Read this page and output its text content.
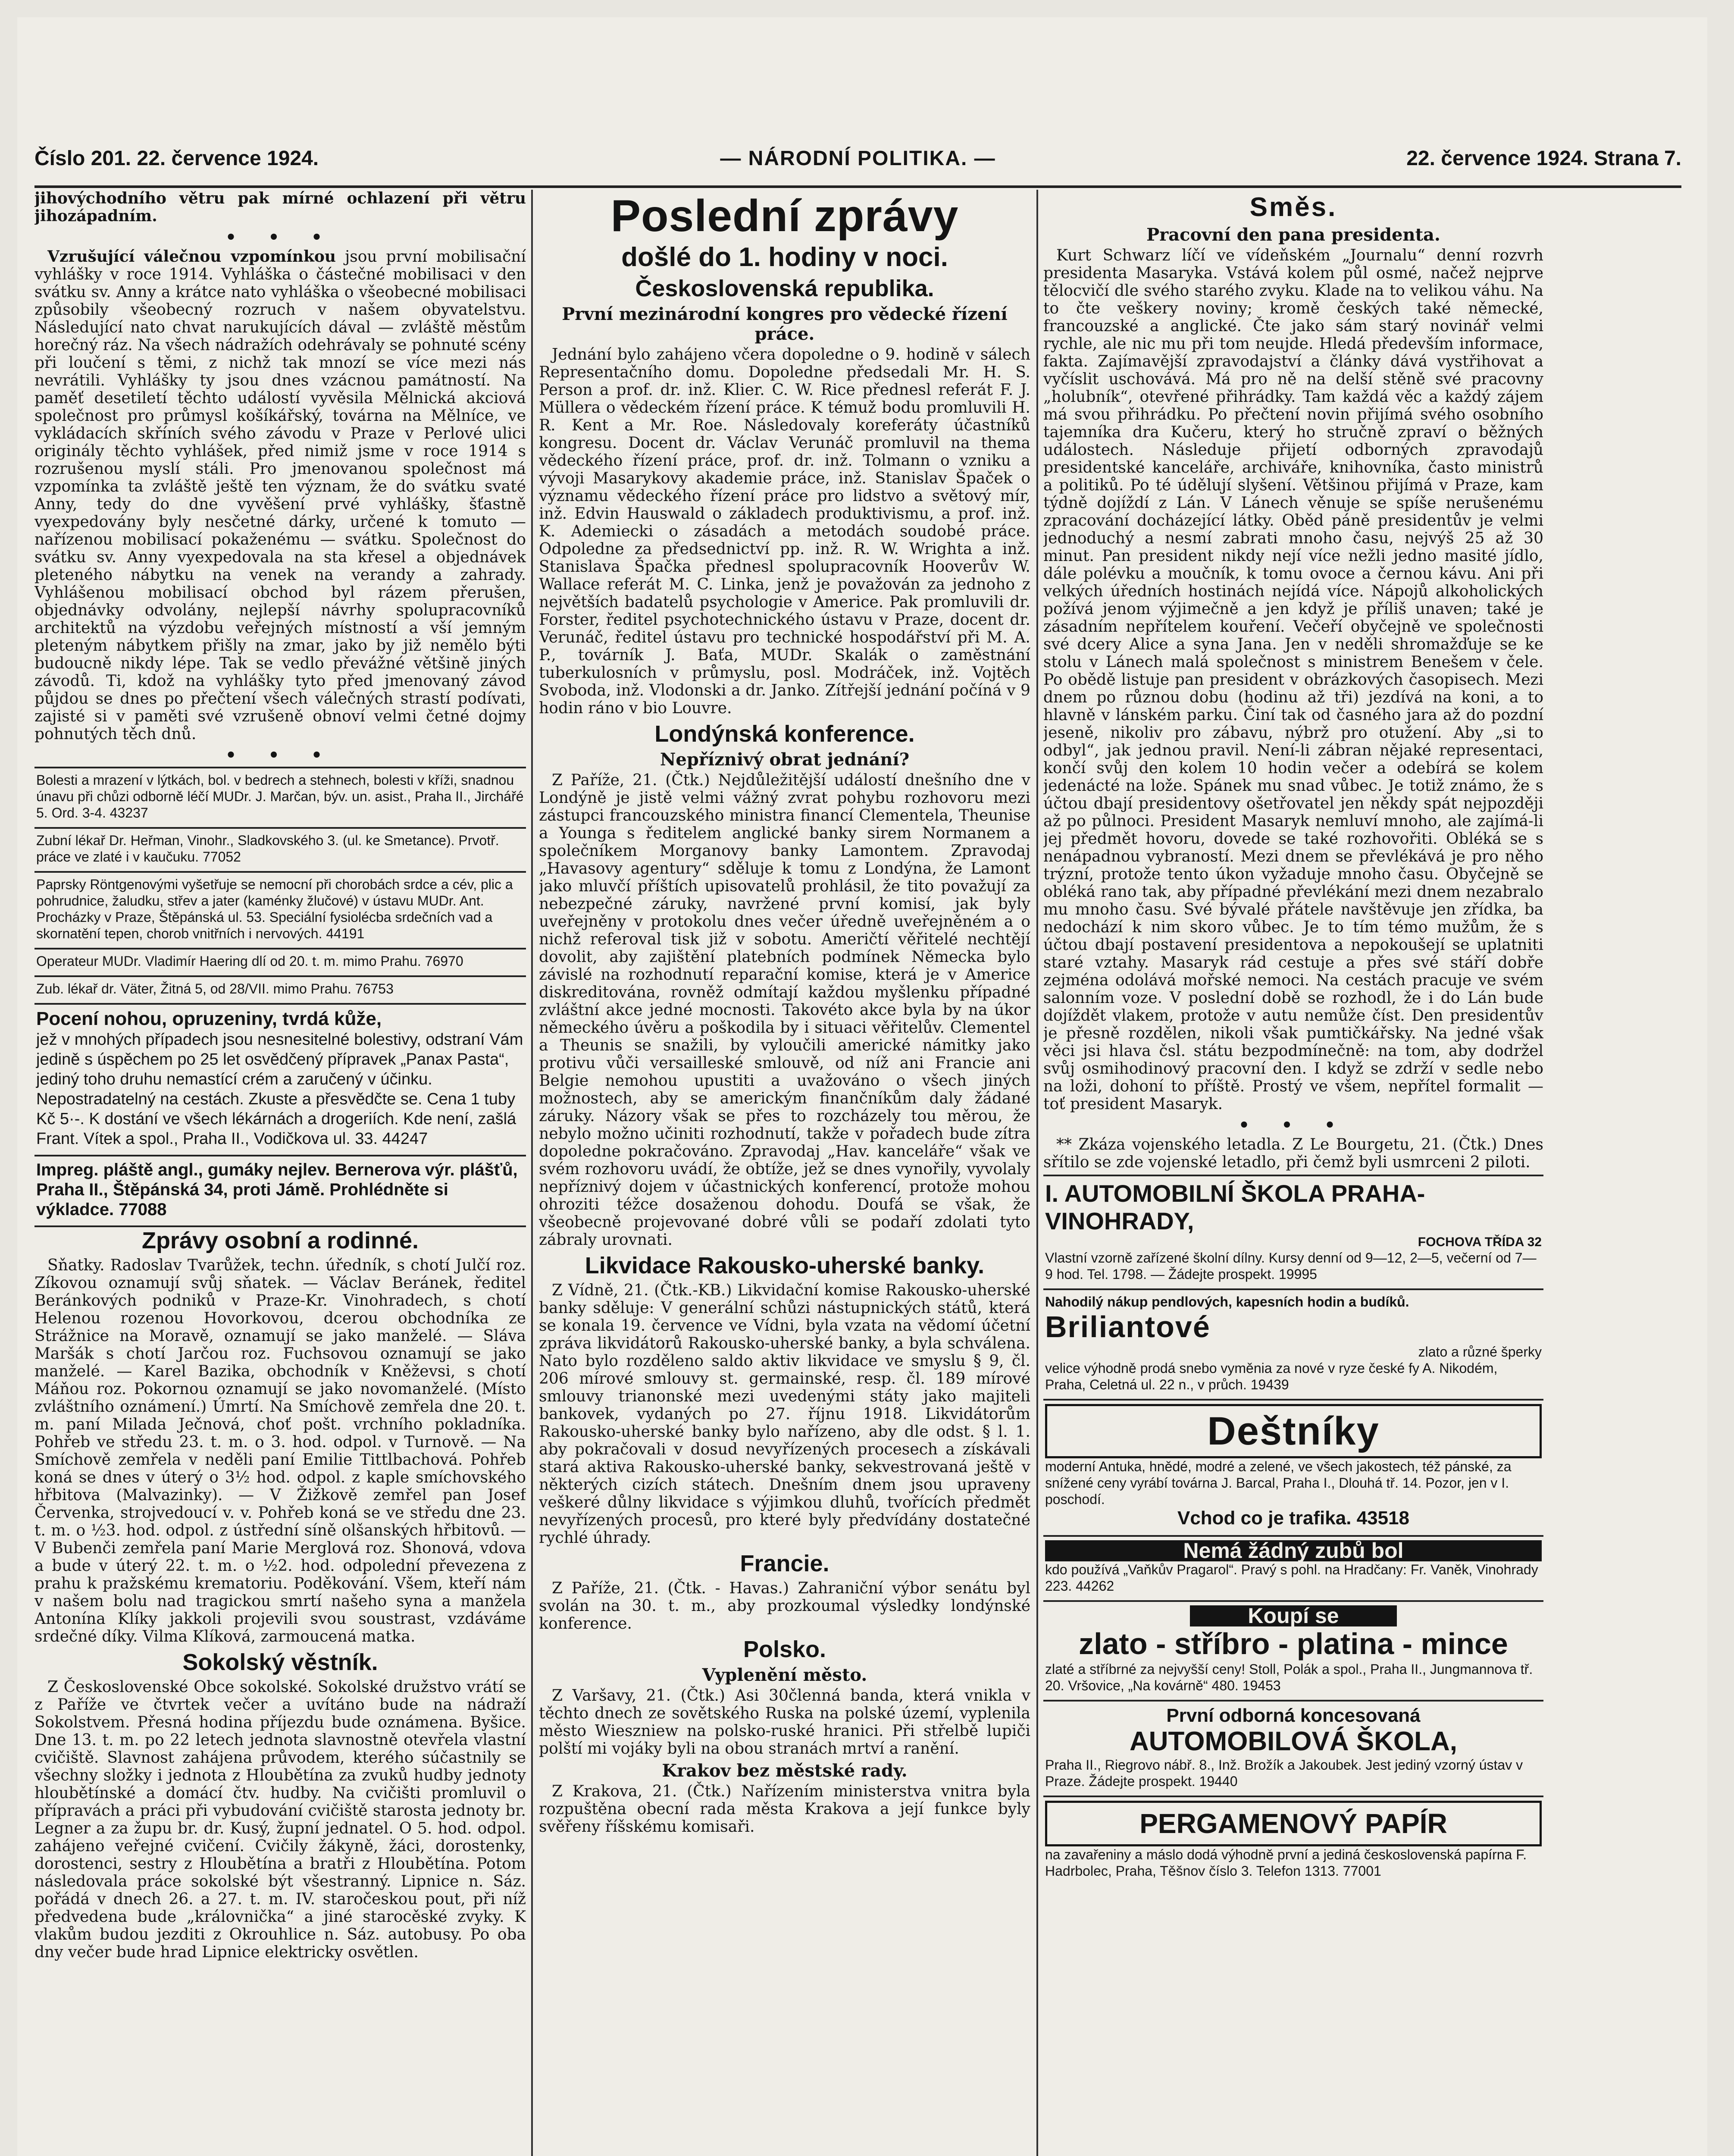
Číslo 201. 22. července 1924.	— NÁRODNÍ POLITIKA. —	22. července 1924. Strana 7.

jihovýchodního větru pak mírné ochlazení při větru jihozápadním.

• • •

Vzrušující válečnou vzpomínkou jsou první mobilisační vyhlášky v roce 1914. Vyhláška o částečné mobilisaci v den svátku sv. Anny a krátce nato vyhláška o všeobecné mobilisaci způsobily všeobecný rozruch v našem obyvatelstvu. Následující nato chvat narukujících dával — zvláště městům horečný ráz. Na všech nádražích odehrávaly se pohnuté scény při loučení s těmi, z nichž tak mnozí se více mezi nás nevrátili. Vyhlášky ty jsou dnes vzácnou památností. Na paměť desetiletí těchto událostí vyvěsila Mělnická akciová společnost pro průmysl košíkářský, továrna na Mělníce, ve vykládacích skříních svého závodu v Praze v Perlové ulici originály těchto vyhlášek, před nimiž jsme v roce 1914 s rozrušenou myslí stáli. Pro jmenovanou společnost má vzpomínka ta zvláště ještě ten význam, že do svátku svaté Anny, tedy do dne vyvěšení prvé vyhlášky, šťastně vyexpedovány byly nesčetné dárky, určené k tomuto — nařízenou mobilisací pokaženému — svátku. Společnost do svátku sv. Anny vyexpedovala na sta křesel a objednávek pleteného nábytku na venek na verandy a zahrady. Vyhlášenou mobilisací obchod byl rázem přerušen, objednávky odvolány, nejlepší návrhy spolupracovníků architektů na výzdobu veřejných místností a vší jemným pleteným nábytkem přišly na zmar, jako by již nemělo býti budoucně nikdy lépe. Tak se vedlo převážné většině jiných závodů. Ti, kdož na vyhlášky tyto před jmenovaný závod půjdou se dnes po přečtení všech válečných strastí podívati, zajisté si v paměti své vzrušeně obnoví velmi četné dojmy pohnutých těch dnů.

• • •
Bolesti a mrazení v lýtkách, bol. v bedrech a stehnech, bolesti v kříži, snadnou únavu při chůzi odborně léčí MUDr. J. Marčan, býv. un. asist., Praha II., Jirchářé 5. Ord. 3-4. 43237
Zubní lékař Dr. Heřman, Vinohr., Sladkovského 3. (ul. ke Smetance). Prvotř. práce ve zlaté i v kaučuku. 77052
Paprsky Röntgenovými vyšetřuje se nemocní při chorobách srdce a cév, plic a pohrudnice, žaludku, střev a jater (kaménky žlučové) v ústavu MUDr. Ant. Procházky v Praze, Štěpánská ul. 53. Speciální fysiolécba srdečních vad a skornatění tepen, chorob vnitřních i nervových. 44191
Operateur MUDr. Vladimír Haering dlí od 20. t. m. mimo Prahu. 76970
Zub. lékař dr. Väter, Žitná 5, od 28/VII. mimo Prahu. 76753
Pocení nohou, opruzeniny, tvrdá kůže,
jež v mnohých případech jsou nesnesitelné bolestivy, odstraní Vám jedině s úspěchem po 25 let osvědčený přípravek „Panax Pasta“, jediný toho druhu nemastící crém a zaručený v účinku. Nepostradatelný na cestách. Zkuste a přesvědčte se. Cena 1 tuby Kč 5·-. K dostání ve všech lékárnách a drogeriích. Kde není, zašlá Frant. Vítek a spol., Praha II., Vodičkova ul. 33. 44247
Impreg. pláště angl., gumáky nejlev. Bernerova výr. plášťů, Praha II., Štěpánská 34, proti Jámě. Prohlédněte si výkladce. 77088
Zprávy osobní a rodinné.

Sňatky. Radoslav Tvarůžek, techn. úředník, s chotí Julčí roz. Zíkovou oznamují svůj sňatek. — Václav Beránek, ředitel Beránkových podniků v Praze-Kr. Vinohradech, s chotí Helenou rozenou Hovorkovou, dcerou obchodníka ze Strážnice na Moravě, oznamují se jako manželé. — Sláva Maršák s chotí Jarčou roz. Fuchsovou oznamují se jako manželé. — Karel Bazika, obchodník v Kněževsi, s chotí Máňou roz. Pokornou oznamují se jako novomanželé. (Místo zvláštního oznámení.) Úmrtí. Na Smíchově zemřela dne 20. t. m. paní Milada Ječnová, choť pošt. vrchního pokladníka. Pohřeb ve středu 23. t. m. o 3. hod. odpol. v Turnově. — Na Smíchově zemřela v neděli paní Emilie Tittlbachová. Pohřeb koná se dnes v úterý o 3½ hod. odpol. z kaple smíchovského hřbitova (Malvazinky). — V Žižkově zemřel pan Josef Červenka, strojvedoucí v. v. Pohřeb koná se ve středu dne 23. t. m. o ½3. hod. odpol. z ústřední síně olšanských hřbitovů. — V Bubenči zemřela paní Marie Merglová roz. Shonová, vdova a bude v úterý 22. t. m. o ½2. hod. odpolední převezena z prahu k pražskému krematoriu. Poděkování. Všem, kteří nám v našem bolu nad tragickou smrtí našeho syna a manžela Antonína Klíky jakkoli projevili svou soustrast, vzdáváme srdečné díky. Vilma Klíková, zarmoucená matka.

Sokolský věstník.

Z Československé Obce sokolské. Sokolské družstvo vrátí se z Paříže ve čtvrtek večer a uvítáno bude na nádraží Sokolstvem. Přesná hodina příjezdu bude oznámena. Byšice. Dne 13. t. m. po 22 letech jednota slavnostně otevřela vlastní cvičiště. Slavnost zahájena průvodem, kterého súčastnily se všechny složky i jednota z Hloubětína za zvuků hudby jednoty hloubětínské a domácí čtv. hudby. Na cvičišti promluvil o přípravách a práci při vybudování cvičiště starosta jednoty br. Legner a za župu br. dr. Kusý, župní jednatel. O 5. hod. odpol. zahájeno veřejné cvičení. Cvičily žákyně, žáci, dorostenky, dorostenci, sestry z Hloubětína a bratři z Hloubětína. Potom následovala práce sokolské být všestranný. Lipnice n. Sáz. pořádá v dnech 26. a 27. t. m. IV. staročeskou pout, při níž předvedena bude „královnička“ a jiné starocěské zvyky. K vlakům budou jezditi z Okrouhlice n. Sáz. autobusy. Po oba dny večer bude hrad Lipnice elektricky osvětlen.

Poslední zprávy
došlé do 1. hodiny v noci.
Československá republika.
První mezinárodní kongres pro vědecké řízení práce.

Jednání bylo zahájeno včera dopoledne o 9. hodině v sálech Representačního domu. Dopoledne předsedali Mr. H. S. Person a prof. dr. inž. Klier. C. W. Rice přednesl referát F. J. Müllera o vědeckém řízení práce. K témuž bodu promluvili H. R. Kent a Mr. Roe. Následovaly koreferáty účastníků kongresu. Docent dr. Václav Verunáč promluvil na thema vědeckého řízení práce, prof. dr. inž. Tolmann o vzniku a vývoji Masarykovy akademie práce, inž. Stanislav Špaček o významu vědeckého řízení práce pro lidstvo a světový mír, inž. Edvin Hauswald o základech produktivismu, a prof. inž. K. Ademiecki o zásadách a metodách soudobé práce. Odpoledne za předsednictví pp. inž. R. W. Wrighta a inž. Stanislava Špačka přednesl spolupracovník Hooverův W. Wallace referát M. C. Linka, jenž je považován za jednoho z největších badatelů psychologie v Americe. Pak promluvili dr. Forster, ředitel psychotechnického ústavu v Praze, docent dr. Verunáč, ředitel ústavu pro technické hospodářství při M. A. P., továrník J. Baťa, MUDr. Skalák o zaměstnání tuberkulosních v průmyslu, posl. Modráček, inž. Vojtěch Svoboda, inž. Vlodonski a dr. Janko. Zítřejší jednání počíná v 9 hodin ráno v bio Louvre.

Londýnská konference.
Nepříznivý obrat jednání?

Z Paříže, 21. (Čtk.) Nejdůležitější událostí dnešního dne v Londýně je jistě velmi vážný zvrat pohybu rozhovoru mezi zástupci francouzského ministra financí Clementela, Theunise a Younga s ředitelem anglické banky sirem Normanem a společníkem Morganovy banky Lamontem. Zpravodaj „Havasovy agentury“ sděluje k tomu z Londýna, že Lamont jako mluvčí příštích upisovatelů prohlásil, že tito považují za nebezpečné záruky, navržené první komisí, jak byly uveřejněny v protokolu dnes večer úředně uveřejněném a o nichž referoval tisk již v sobotu. Američtí věřitelé nechtějí dovolit, aby zajištění platebních podmínek Německa bylo závislé na rozhodnutí reparační komise, která je v Americe diskreditována, rovněž odmítají každou myšlenku případné zvláštní akce jedné mocnosti. Takovéto akce byla by na úkor německého úvěru a poškodila by i situaci věřitelův. Clementel a Theunis se snažili, by vyloučili americké námitky jako protivu vůči versailleské smlouvě, od níž ani Francie ani Belgie nemohou upustiti a uvažováno o všech jiných možnostech, aby se americkým finančníkům daly žádané záruky. Názory však se přes to rozcházely tou měrou, že nebylo možno učiniti rozhodnutí, takže v pořadech bude zítra dopoledne pokračováno. Zpravodaj „Hav. kanceláře“ však ve svém rozhovoru uvádí, že obtíže, jež se dnes vynořily, vyvolaly nepříznivý dojem v účastnických konferencí, protože mohou ohroziti téžce dosaženou dohodu. Doufá se však, že všeobecně projevované dobré vůli se podaří zdolati tyto zábraly urovnati.

Likvidace Rakousko-uherské banky.

Z Vídně, 21. (Čtk.-KB.) Likvidační komise Rakousko-uherské banky sděluje: V generální schůzi nástupnických států, která se konala 19. července ve Vídni, byla vzata na vědomí účetní zpráva likvidátorů Rakousko-uherské banky, a byla schválena. Nato bylo rozděleno saldo aktiv likvidace ve smyslu § 9, čl. 206 mírové smlouvy st. germainské, resp. čl. 189 mírové smlouvy trianonské mezi uvedenými státy jako majiteli bankovek, vydaných po 27. říjnu 1918. Likvidátorům Rakousko-uherské banky bylo nařízeno, aby dle odst. § l. 1. aby pokračovali v dosud nevyřízených procesech a získávali stará aktiva Rakousko-uherské banky, sekvestrovaná ještě v některých cizích státech. Dnešním dnem jsou upraveny veškeré důlny likvidace s výjimkou dluhů, tvořících předmět nevyřízených procesů, pro které byly předvídány dostatečné rychlé úhrady.

Francie.

Z Paříže, 21. (Čtk. - Havas.) Zahraniční výbor senátu byl svolán na 30. t. m., aby prozkoumal výsledky londýnské konference.

Polsko.
Vyplenění město.

Z Varšavy, 21. (Čtk.) Asi 30členná banda, která vnikla v těchto dnech ze sovětského Ruska na polské území, vyplenila město Wieszniew na polsko-ruské hranici. Při střelbě lupiči polští mi vojáky byli na obou stranách mrtví a ranění.

Krakov bez městské rady.

Z Krakova, 21. (Čtk.) Nařízením ministerstva vnitra byla rozpuštěna obecní rada města Krakova a její funkce byly svěřeny říšskému komisaři.

Směs.
Pracovní den pana presidenta.

Kurt Schwarz líčí ve vídeňském „Journalu“ denní rozvrh presidenta Masaryka. Vstává kolem půl osmé, načež nejprve tělocvičí dle svého starého zvyku. Klade na to velikou váhu. Na to čte veškery noviny; kromě českých také německé, francouzské a anglické. Čte jako sám starý novinář velmi rychle, ale nic mu při tom neujde. Hledá především informace, fakta. Zajímavější zpravodajství a články dává vystřihovat a vyčíslit uschovává. Má pro ně na delší stěně své pracovny „holubník“, otevřené přihrádky. Tam každá věc a každý zájem má svou přihrádku. Po přečtení novin přijímá svého osobního tajemníka dra Kučeru, který ho stručně zpraví o běžných událostech. Následuje přijetí odborných zpravodajů presidentské kanceláře, archiváře, knihovníka, často ministrů a politiků. Po té údělují slyšení. Většinou přijímá v Praze, kam týdně dojíždí z Lán. V Lánech věnuje se spíše nerušenému zpracování docházející látky. Oběd páně presidentův je velmi jednoduchý a nesmí zabrati mnoho času, nejvýš 25 až 30 minut. Pan president nikdy nejí více nežli jedno masité jídlo, dále polévku a moučník, k tomu ovoce a černou kávu. Ani při velkých úředních hostinách nejídá více. Nápojů alkoholických požívá jenom výjimečně a jen když je příliš unaven; také je zásadním nepřítelem kouření. Večeří obyčejně ve společnosti své dcery Alice a syna Jana. Jen v neděli shromažďuje se ke stolu v Lánech malá společnost s ministrem Benešem v čele. Po obědě listuje pan president v obrázkových časopisech. Mezi dnem po různou dobu (hodinu až tři) jezdívá na koni, a to hlavně v lánském parku. Činí tak od časného jara až do pozdní jeseně, nikoliv pro zábavu, nýbrž pro otužení. Aby „si to odbyl“, jak jednou pravil. Není-li zábran nějaké representaci, končí svůj den kolem 10 hodin večer a odebírá se kolem jedenácté na lože. Spánek mu snad vůbec. Je totiž známo, že s účtou dbají presidentovy ošetřovatel jen někdy spát nejpozději až po půlnoci. President Masaryk nemluví mnoho, ale zajímá-li jej předmět hovoru, dovede se také rozhovořiti. Obléká se s nenápadnou vybraností. Mezi dnem se převlékává je pro něho trýzní, protože tento úkon vyžaduje mnoho času. Obyčejně se obléká rano tak, aby případné převlékání mezi dnem nezabralo mu mnoho času. Své bývalé přátele navštěvuje jen zřídka, ba nedochází k nim skoro vůbec. Je to tím témo mužům, že s účtou dbají postavení presidentova a nepokoušejí se uplatniti staré vztahy. Masaryk rád cestuje a přes své stáří dobře zejména odolává mořské nemoci. Na cestách pracuje ve svém salonním voze. V poslední době se rozhodl, že i do Lán bude dojíždět vlakem, protože v autu nemůže číst. Den presidentův je přesně rozdělen, nikoli však pumtičkářsky. Na jedné však věci jsi hlava čsl. státu bezpodmínečně: na tom, aby dodržel svůj osmihodinový pracovní den. I když se zdrží v sedle nebo na loži, dohoní to příště. Prostý ve všem, nepřítel formalit — toť president Masaryk.

• • •

** Zkáza vojenského letadla. Z Le Bourgetu, 21. (Čtk.) Dnes sřítilo se zde vojenské letadlo, při čemž byli usmrceni 2 piloti.

I. AUTOMOBILNÍ ŠKOLA PRAHA-VINOHRADY,
FOCHOVA TŘÍDA 32
Vlastní vzorně zařízené školní dílny. Kursy denní od 9—12, 2—5, večerní od 7—9 hod. Tel. 1798. — Žádejte prospekt. 19995
Nahodilý nákup pendlových, kapesních hodin a budíků.
Briliantové
zlato a různé šperky
velice výhodně prodá snebo vyměnia za nové v ryze české fy A. Nikodém, Praha, Celetná ul. 22 n., v průch. 19439
Deštníky
moderní Antuka, hnědé, modré a zelené, ve všech jakostech, též pánské, za snížené ceny vyrábí továrna J. Barcal, Praha I., Dlouhá tř. 14. Pozor, jen v I. poschodí.
Vchod co je trafika. 43518
Nemá žádný zubů bol
kdo používá „Vaňkův Pragarol“. Pravý s pohl. na Hradčany: Fr. Vaněk, Vinohrady 223. 44262
Koupí se
zlato - stříbro - platina - mince
zlaté a stříbrné za nejvyšší ceny! Stoll, Polák a spol., Praha II., Jungmannova tř. 20. Vršovice, „Na kovárně“ 480. 19453
První odborná koncesovaná
AUTOMOBILOVÁ ŠKOLA,
Praha II., Riegrovo nábř. 8., Inž. Brožík a Jakoubek. Jest jediný vzorný ústav v Praze. Žádejte prospekt. 19440
PERGAMENOVÝ PAPÍR
na zavařeniny a máslo dodá výhodně první a jediná československá papírna F. Hadrbolec, Praha, Těšnov číslo 3. Telefon 1313. 77001
